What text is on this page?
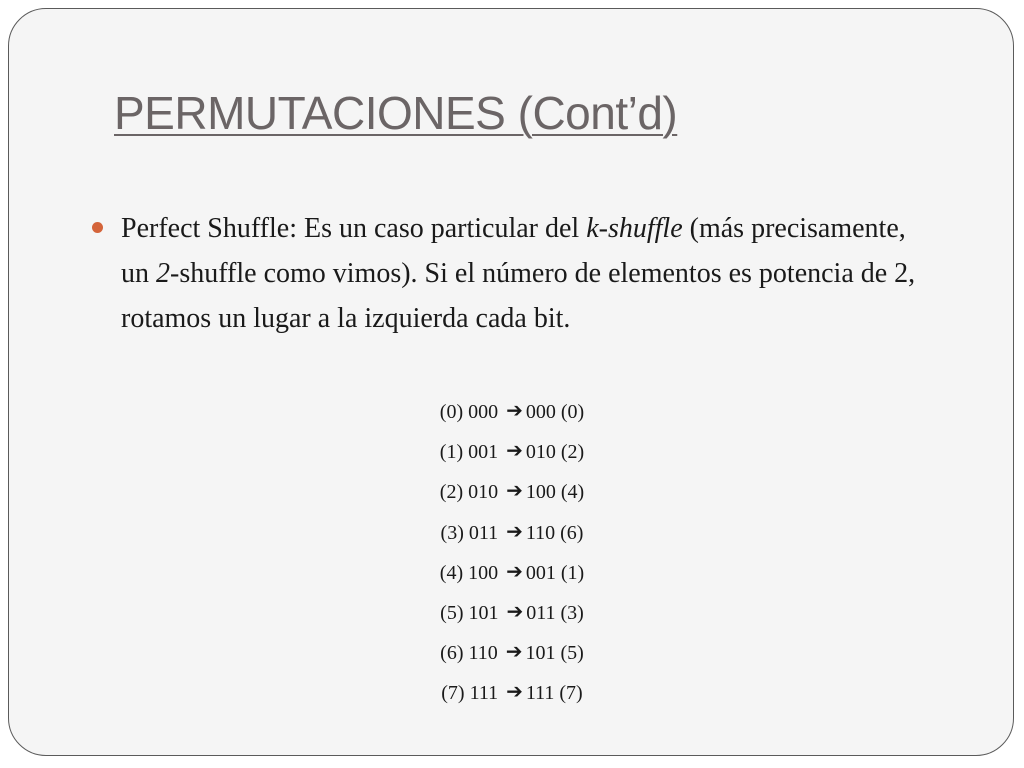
PERMUTACIONES (Cont’d)
Perfect Shuffle: Es un caso particular del k-shuffle (más precisamente, un 2-shuffle como vimos). Si el número de elementos es potencia de 2, rotamos un lugar a la izquierda cada bit.
(0) 000 ➔ 000 (0)
(1) 001 ➔ 010 (2)
(2) 010 ➔ 100 (4)
(3) 011 ➔ 110 (6)
(4) 100 ➔ 001 (1)
(5) 101 ➔ 011 (3)
(6) 110 ➔ 101 (5)
(7) 111 ➔ 111 (7)
